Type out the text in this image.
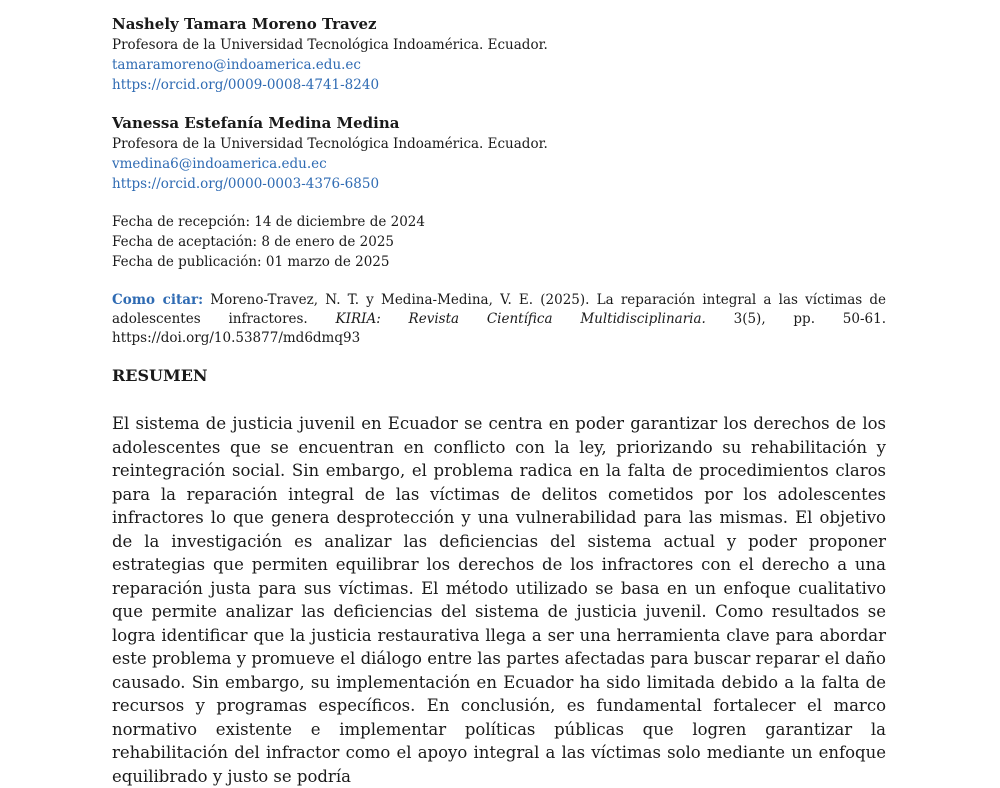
Nashely Tamara Moreno Travez
Profesora de la Universidad Tecnológica Indoamérica. Ecuador.
tamaramoreno@indoamerica.edu.ec
https://orcid.org/0009-0008-4741-8240
Vanessa Estefanía Medina Medina
Profesora de la Universidad Tecnológica Indoamérica. Ecuador.
vmedina6@indoamerica.edu.ec
https://orcid.org/0000-0003-4376-6850
Fecha de recepción: 14 de diciembre de 2024
Fecha de aceptación: 8 de enero de 2025
Fecha de publicación: 01 marzo de 2025
Como citar: Moreno-Travez, N. T. y Medina-Medina, V. E. (2025). La reparación integral a las víctimas de adolescentes infractores. KIRIA: Revista Científica Multidisciplinaria. 3(5), pp. 50-61. https://doi.org/10.53877/md6dmq93
RESUMEN
El sistema de justicia juvenil en Ecuador se centra en poder garantizar los derechos de los adolescentes que se encuentran en conflicto con la ley, priorizando su rehabilitación y reintegración social. Sin embargo, el problema radica en la falta de procedimientos claros para la reparación integral de las víctimas de delitos cometidos por los adolescentes infractores lo que genera desprotección y una vulnerabilidad para las mismas. El objetivo de la investigación es analizar las deficiencias del sistema actual y poder proponer estrategias que permiten equilibrar los derechos de los infractores con el derecho a una reparación justa para sus víctimas. El método utilizado se basa en un enfoque cualitativo que permite analizar las deficiencias del sistema de justicia juvenil. Como resultados se logra identificar que la justicia restaurativa llega a ser una herramienta clave para abordar este problema y promueve el diálogo entre las partes afectadas para buscar reparar el daño causado. Sin embargo, su implementación en Ecuador ha sido limitada debido a la falta de recursos y programas específicos. En conclusión, es fundamental fortalecer el marco normativo existente e implementar políticas públicas que logren garantizar la rehabilitación del infractor como el apoyo integral a las víctimas solo mediante un enfoque equilibrado y justo se podría
